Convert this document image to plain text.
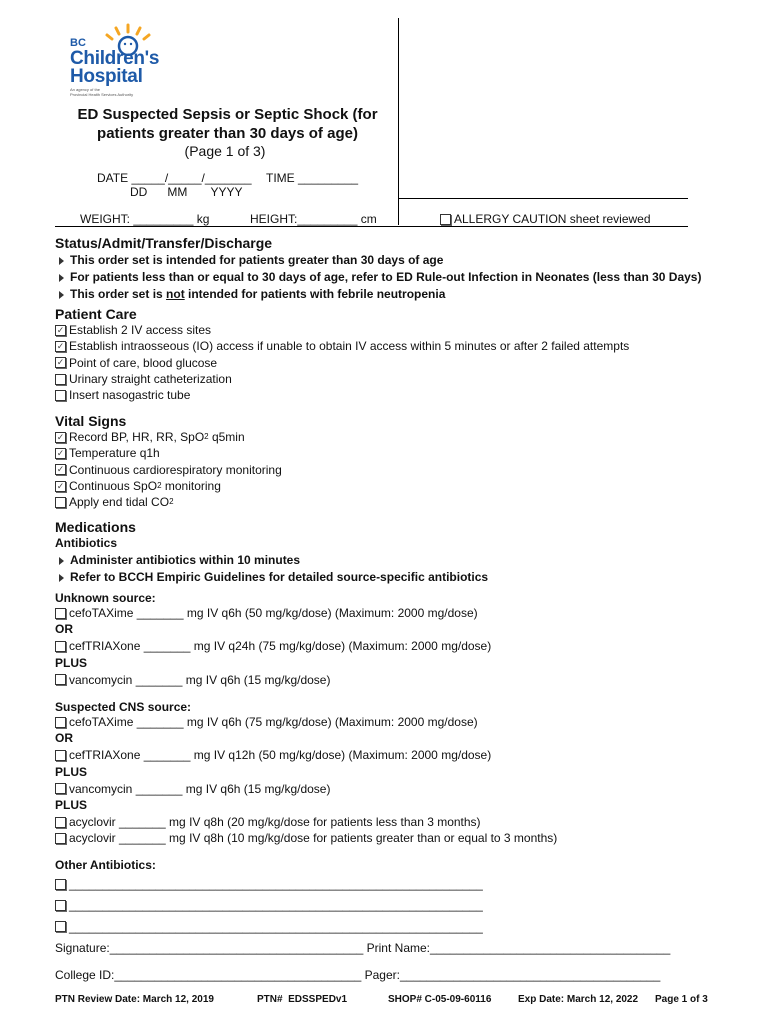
BC
Children's
Hospital
An agency of the
Provincial Health Services Authority
ED Suspected Sepsis or Septic Shock (for
patients greater than 30 days of age)
(Page 1 of 3)
DATE _____/_____/_______
DD      MM       YYYY
TIME _________
WEIGHT: _________ kg	HEIGHT:_________ cm	ALLERGY CAUTION sheet reviewed
Status/Admit/Transfer/Discharge
This order set is intended for patients greater than 30 days of age
For patients less than or equal to 30 days of age, refer to ED Rule-out Infection in Neonates (less than 30 Days)
This order set is not intended for patients with febrile neutropenia
Patient Care
✓ Establish 2 IV access sites
✓ Establish intraosseous (IO) access if unable to obtain IV access within 5 minutes or after 2 failed attempts
✓ Point of care, blood glucose
Urinary straight catheterization
Insert nasogastric tube
Vital Signs
✓ Record BP, HR, RR, SpO 2 q5min
✓ Temperature q1h
✓ Continuous cardiorespiratory monitoring
✓ Continuous SpO 2 monitoring
Apply end tidal CO 2
Medications
Antibiotics
Administer antibiotics within 10 minutes
Refer to BCCH Empiric Guidelines for detailed source-specific antibiotics
Unknown source:
cefoTAXime _______ mg IV q6h (50 mg/kg/dose) (Maximum: 2000 mg/dose)
OR
cefTRIAXone _______ mg IV q24h (75 mg/kg/dose) (Maximum: 2000 mg/dose)
PLUS
vancomycin _______ mg IV q6h (15 mg/kg/dose)
Suspected CNS source:
cefoTAXime _______ mg IV q6h (75 mg/kg/dose) (Maximum: 2000 mg/dose)
OR
cefTRIAXone _______ mg IV q12h (50 mg/kg/dose) (Maximum: 2000 mg/dose)
PLUS
vancomycin _______ mg IV q6h (15 mg/kg/dose)
PLUS
acyclovir _______ mg IV q8h (20 mg/kg/dose for patients less than 3 months)
acyclovir _______ mg IV q8h (10 mg/kg/dose for patients greater than or equal to 3 months)
Other Antibiotics:
______________________________________________________________
______________________________________________________________
______________________________________________________________
Signature:______________________________________ Print Name:____________________________________
College ID:_____________________________________ Pager:_______________________________________
PTN Review Date: March 12, 2019	PTN#  EDSSPEDv1	SHOP# C-05-09-60116	Exp Date: March 12, 2022 Page 1 of 3
